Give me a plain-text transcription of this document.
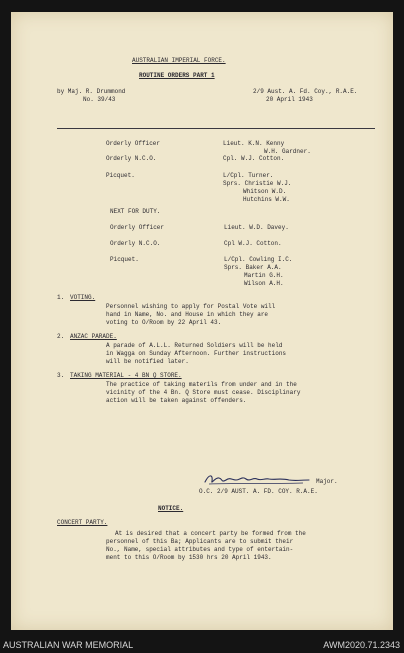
AUSTRALIAN IMPERIAL FORCE.
ROUTINE ORDERS PART 1
by Maj. R. Drummond
No. 39/43
2/9 Aust. A. Fd. Coy., R.A.E.
20 April 1943
Orderly Officer	Lieut. K.N. Kenny
W.H. Gardner.
Orderly N.C.O.	Cpl. W.J. Cotton.
Picquet.	L/Cpl. Turner.
Sprs. Christie W.J.
Whitson W.D.
Hutchins W.W.
NEXT FOR DUTY.
Orderly Officer	Lieut. W.D. Davey.
Orderly N.C.O.	Cpl W.J. Cotton.
Picquet.	L/Cpl. Cowling I.C.
Sprs. Baker A.A.
Martin G.H.
Wilson A.H.
1. VOTING.
Personnel wishing to apply for Postal Vote will
hand in Name, No. and House in which they are
voting to O/Room by 22 April 43.
2. ANZAC PARADE.
A parade of A.L.L. Returned Soldiers will be held
in Wagga on Sunday Afternoon. Further instructions
will be notified later.
3. TAKING MATERIAL - 4 BN Q STORE.
The practice of taking materils from under and in the
vicinity of the 4 Bn. Q Store must cease. Disciplinary
action will be taken against offenders.
Major.
O.C. 2/9 AUST. A. FD. COY. R.A.E.
NOTICE.
CONCERT PARTY.
At is desired that a concert party be formed from the
personnel of this Ba; Applicants are to submit their
No., Name, special attributes and type of entertain-
ment to this O/Room by 1530 hrs 20 April 1943.
AUSTRALIAN WAR MEMORIAL	AWM2020.71.2343
